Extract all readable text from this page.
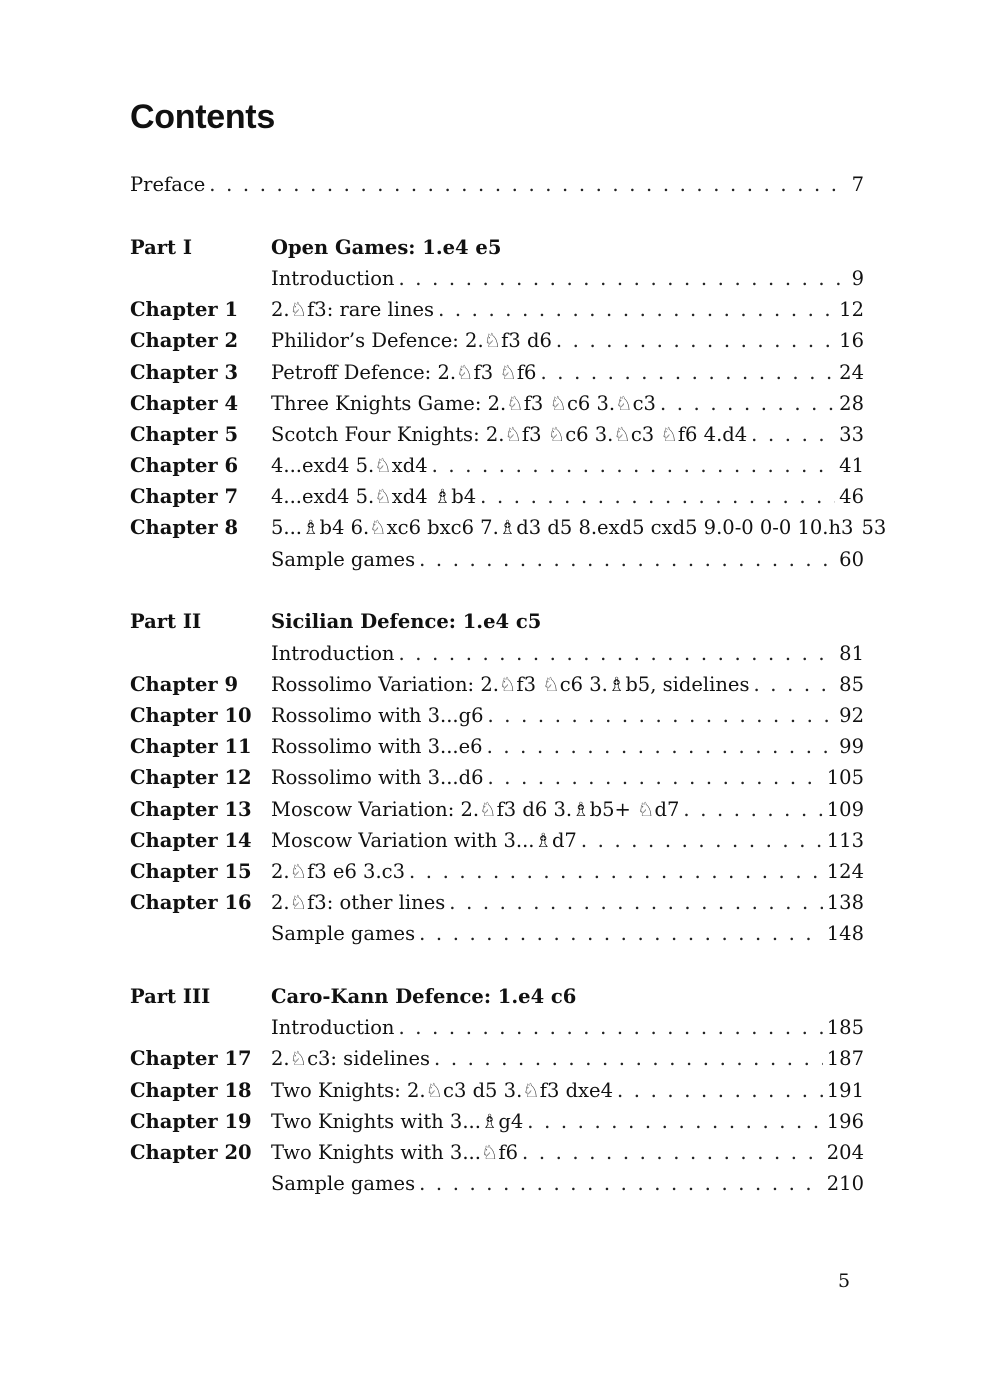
Contents
Preface . . .	7
Part I	Open Games: 1.e4 e5
Introduction . . .	9
Chapter 1	2.♘f3: rare lines . . .	12
Chapter 2	Philidor’s Defence: 2.♘f3 d6 . . .	16
Chapter 3	Petroff Defence: 2.♘f3 ♘f6 . . .	24
Chapter 4	Three Knights Game: 2.♘f3 ♘c6 3.♘c3 . . .	28
Chapter 5	Scotch Four Knights: 2.♘f3 ♘c6 3.♘c3 ♘f6 4.d4 . . .	33
Chapter 6	4...exd4 5.♘xd4 . . .	41
Chapter 7	4...exd4 5.♘xd4 ♗b4 . . .	46
Chapter 8	5...♗b4 6.♘xc6 bxc6 7.♗d3 d5 8.exd5 cxd5 9.0-0 0-0 10.h3 53
Sample games . . .	60
Part II	Sicilian Defence: 1.e4 c5
Introduction . . .	81
Chapter 9	Rossolimo Variation: 2.♘f3 ♘c6 3.♗b5, sidelines . . .	85
Chapter 10 Rossolimo with 3...g6 . . .	92
Chapter 11 Rossolimo with 3...e6 . . .	99
Chapter 12 Rossolimo with 3...d6 . . .	105
Chapter 13 Moscow Variation: 2.♘f3 d6 3.♗b5+ ♘d7 . . .	109
Chapter 14 Moscow Variation with 3...♗d7 . . .	113
Chapter 15 2.♘f3 e6 3.c3 . . .	124
Chapter 16 2.♘f3: other lines . . .	138
Sample games . . .	148
Part III	Caro-Kann Defence: 1.e4 c6
Introduction . . .	185
Chapter 17 2.♘c3: sidelines . . .	187
Chapter 18 Two Knights: 2.♘c3 d5 3.♘f3 dxe4 . . .	191
Chapter 19 Two Knights with 3...♗g4 . . .	196
Chapter 20 Two Knights with 3...♘f6 . . .	204
Sample games . . .	210
5
